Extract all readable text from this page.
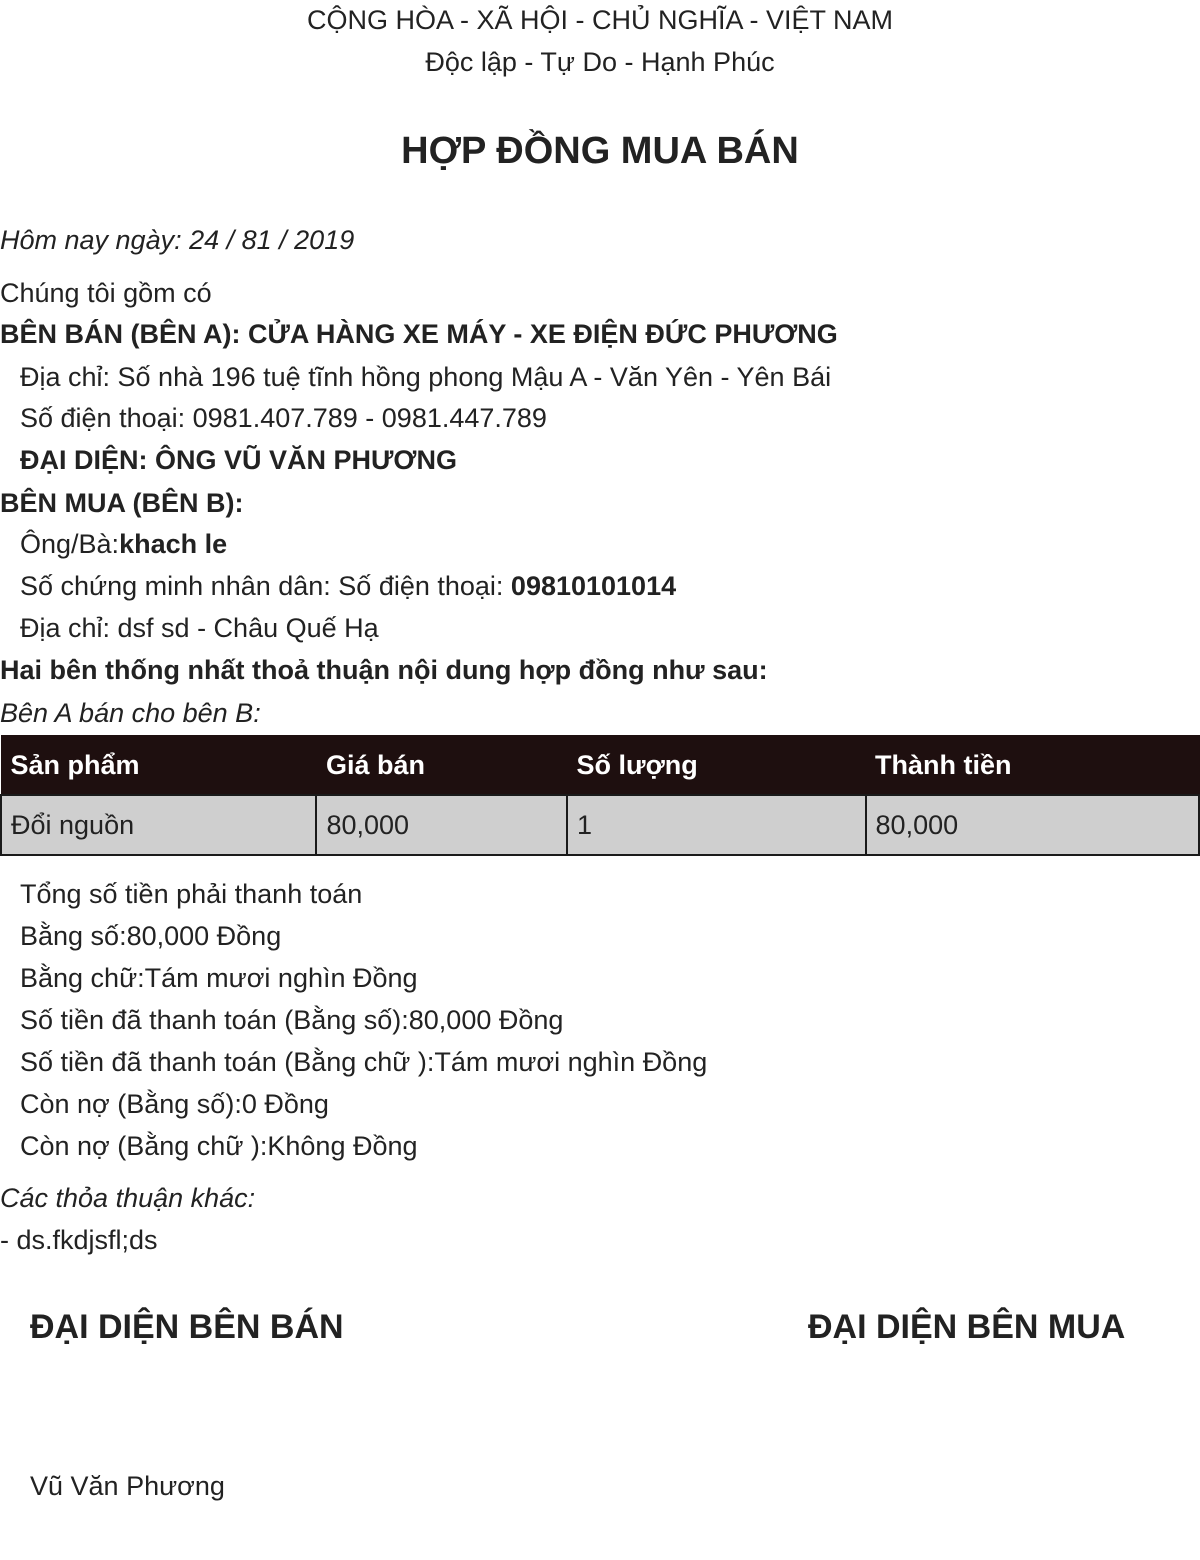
CỘNG HÒA - XÃ HỘI - CHỦ NGHĨA - VIỆT NAM
Độc lập - Tự Do - Hạnh Phúc
HỢP ĐỒNG MUA BÁN
Hôm nay ngày: 24 / 81 / 2019
Chúng tôi gồm có
BÊN BÁN (BÊN A): CỬA HÀNG XE MÁY - XE ĐIỆN ĐỨC PHƯƠNG
Địa chỉ: Số nhà 196 tuệ tĩnh hồng phong Mậu A - Văn Yên - Yên Bái
Số điện thoại: 0981.407.789 - 0981.447.789
ĐẠI DIỆN: ÔNG VŨ VĂN PHƯƠNG
BÊN MUA (BÊN B):
Ông/Bà:khach le
Số chứng minh nhân dân: Số điện thoại: 09810101014
Địa chỉ: dsf sd - Châu Quế Hạ
Hai bên thống nhất thoả thuận nội dung hợp đồng như sau:
Bên A bán cho bên B:
Sản phẩm	Giá bán	Số lượng	Thành tiền
Đổi nguồn	80,000	1	80,000
Tổng số tiền phải thanh toán
Bằng số:80,000 Đồng
Bằng chữ:Tám mươi nghìn Đồng
Số tiền đã thanh toán (Bằng số):80,000 Đồng
Số tiền đã thanh toán (Bằng chữ ):Tám mươi nghìn Đồng
Còn nợ (Bằng số):0 Đồng
Còn nợ (Bằng chữ ):Không Đồng
Các thỏa thuận khác:
- ds.fkdjsfl;ds
ĐẠI DIỆN BÊN BÁN	ĐẠI DIỆN BÊN MUA
Vũ Văn Phương
